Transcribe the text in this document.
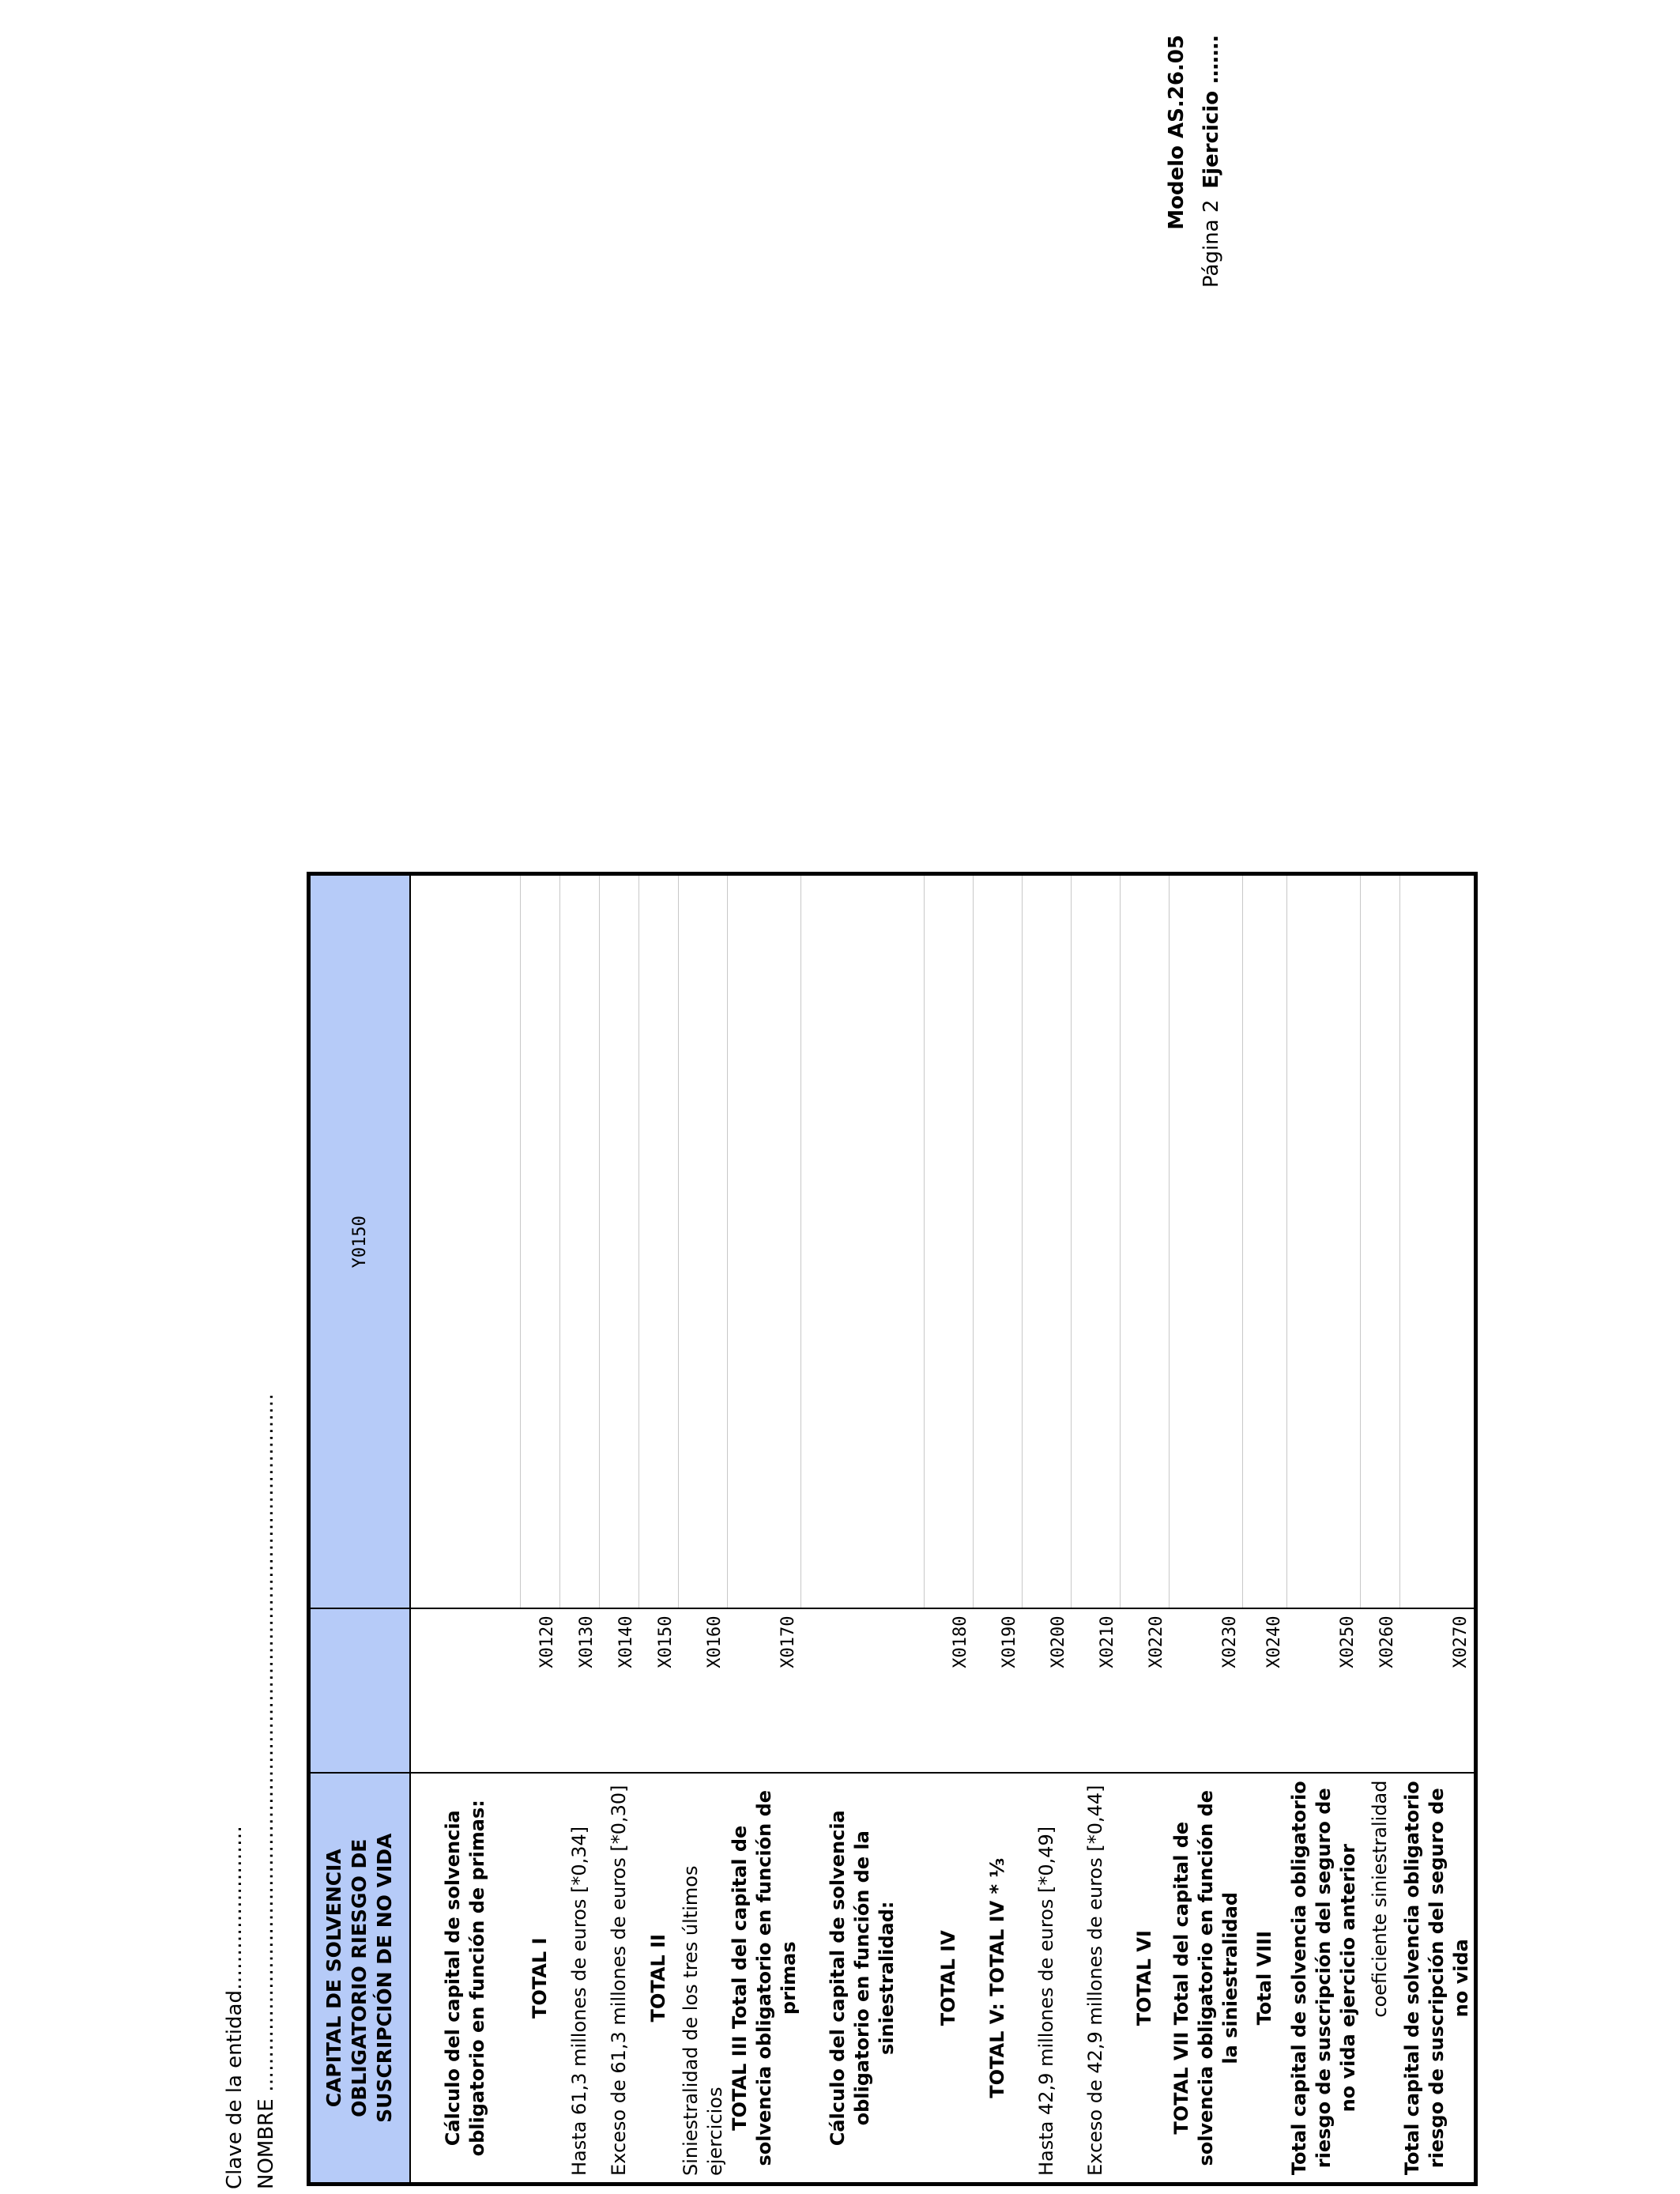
Clave de la entidad…………………… NOMBRE …………………………………………………………………………………………
Modelo AS.26.05
Página 2Ejercicio …….
CAPITAL DE SOLVENCIA OBLIGATORIO RIESGO DE SUSCRIPCIÓN DE NO VIDA		Y0150
Cálculo del capital de solvencia obligatorio en función de primas:		
TOTAL I	X0120	
Hasta 61,3 millones de euros [*0,34]	X0130	
Exceso de 61,3 millones de euros [*0,30]	X0140	
TOTAL II	X0150	
Siniestralidad de los tres últimos ejercicios	X0160	
TOTAL III Total del capital de solvencia obligatorio en función de primas	X0170	
Cálculo del capital de solvencia obligatorio en función de la siniestralidad:		
TOTAL IV	X0180	
TOTAL V: TOTAL IV * ⅓	X0190	
Hasta 42,9 millones de euros [*0,49]	X0200	
Exceso de 42,9 millones de euros [*0,44]	X0210	
TOTAL VI	X0220	
TOTAL VII Total del capital de solvencia obligatorio en función de la siniestralidad	X0230	
Total VIII	X0240	
Total capital de solvencia obligatorio riesgo de suscripción del seguro de no vida ejercicio anterior	X0250	
coeficiente siniestralidad	X0260	
Total capital de solvencia obligatorio riesgo de suscripción del seguro de no vida	X0270	
